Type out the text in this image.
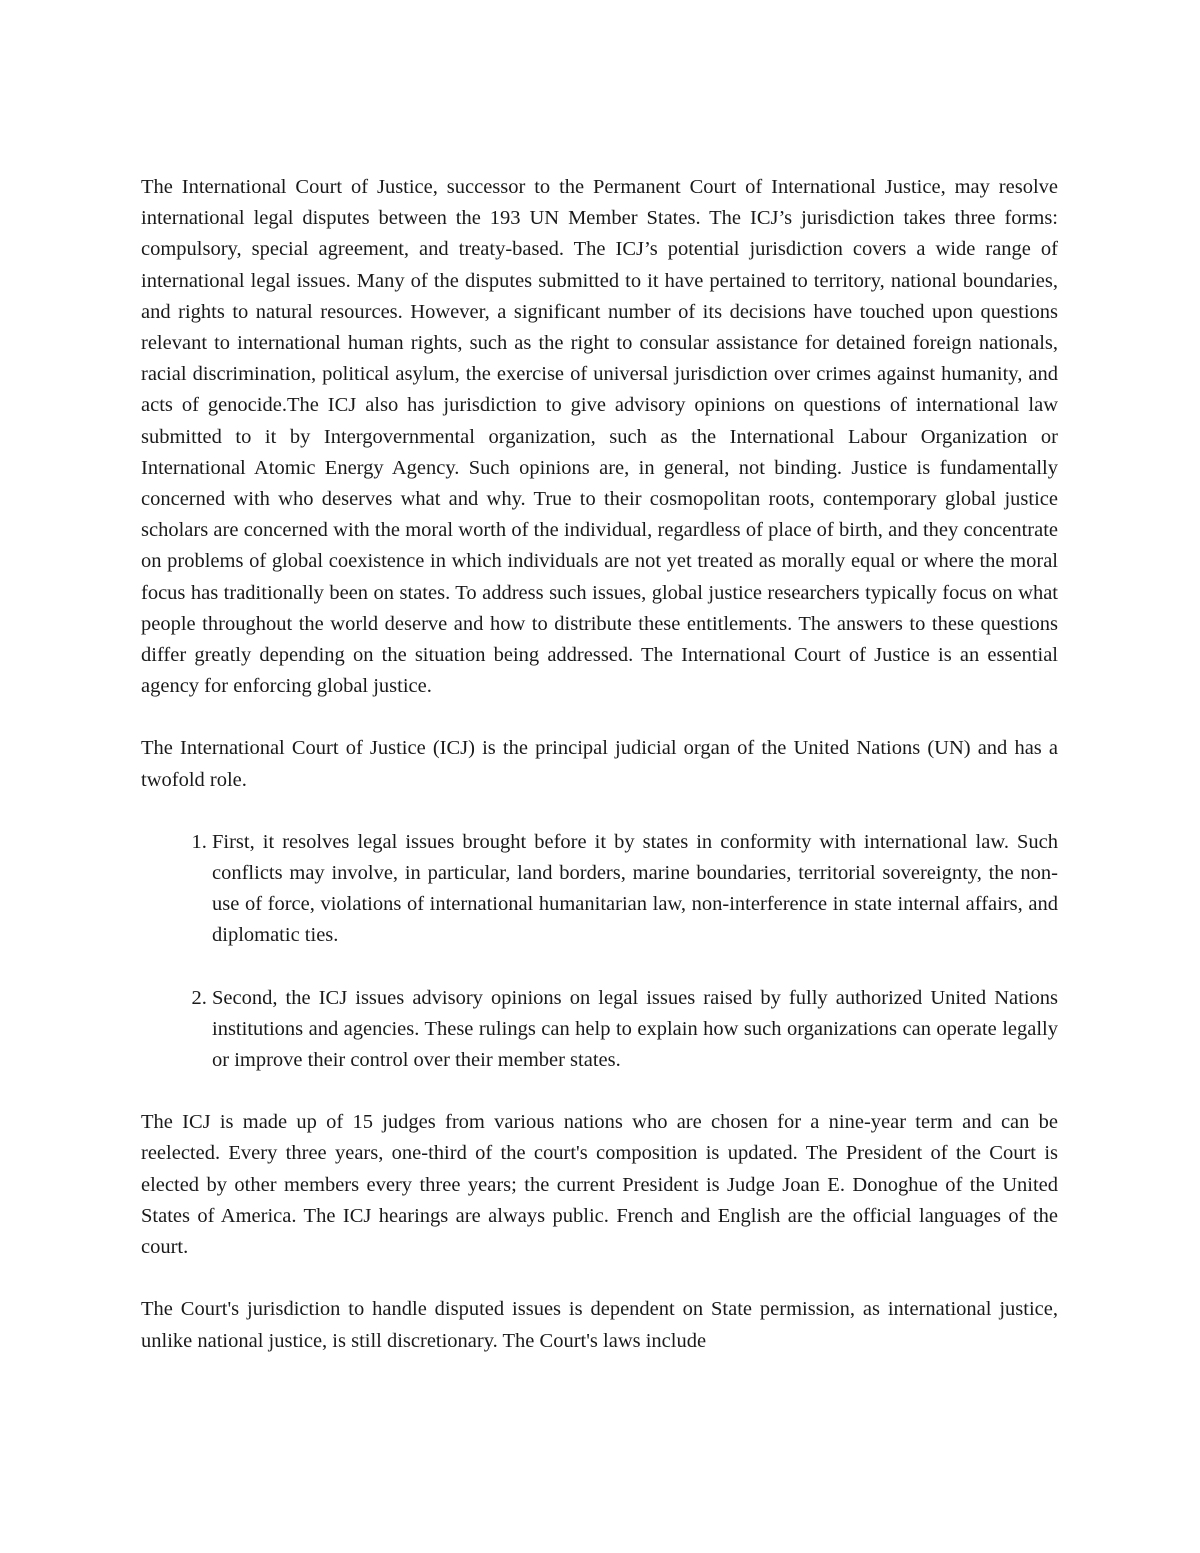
The International Court of Justice, successor to the Permanent Court of International Justice, may resolve international legal disputes between the 193 UN Member States. The ICJ’s jurisdiction takes three forms: compulsory, special agreement, and treaty-based. The ICJ’s potential jurisdiction covers a wide range of international legal issues. Many of the disputes submitted to it have pertained to territory, national boundaries, and rights to natural resources. However, a significant number of its decisions have touched upon questions relevant to international human rights, such as the right to consular assistance for detained foreign nationals, racial discrimination, political asylum, the exercise of universal jurisdiction over crimes against humanity, and acts of genocide.The ICJ also has jurisdiction to give advisory opinions on questions of international law submitted to it by Intergovernmental organization, such as the International Labour Organization or International Atomic Energy Agency. Such opinions are, in general, not binding. Justice is fundamentally concerned with who deserves what and why. True to their cosmopolitan roots, contemporary global justice scholars are concerned with the moral worth of the individual, regardless of place of birth, and they concentrate on problems of global coexistence in which individuals are not yet treated as morally equal or where the moral focus has traditionally been on states. To address such issues, global justice researchers typically focus on what people throughout the world deserve and how to distribute these entitlements. The answers to these questions differ greatly depending on the situation being addressed. The International Court of Justice is an essential agency for enforcing global justice.

The International Court of Justice (ICJ) is the principal judicial organ of the United Nations (UN) and has a twofold role.

1. First, it resolves legal issues brought before it by states in conformity with international law. Such conflicts may involve, in particular, land borders, marine boundaries, territorial sovereignty, the non-use of force, violations of international humanitarian law, non-interference in state internal affairs, and diplomatic ties.
2. Second, the ICJ issues advisory opinions on legal issues raised by fully authorized United Nations institutions and agencies. These rulings can help to explain how such organizations can operate legally or improve their control over their member states.

The ICJ is made up of 15 judges from various nations who are chosen for a nine-year term and can be reelected. Every three years, one-third of the court's composition is updated. The President of the Court is elected by other members every three years; the current President is Judge Joan E. Donoghue of the United States of America. The ICJ hearings are always public. French and English are the official languages of the court.

The Court's jurisdiction to handle disputed issues is dependent on State permission, as international justice, unlike national justice, is still discretionary. The Court's laws include
